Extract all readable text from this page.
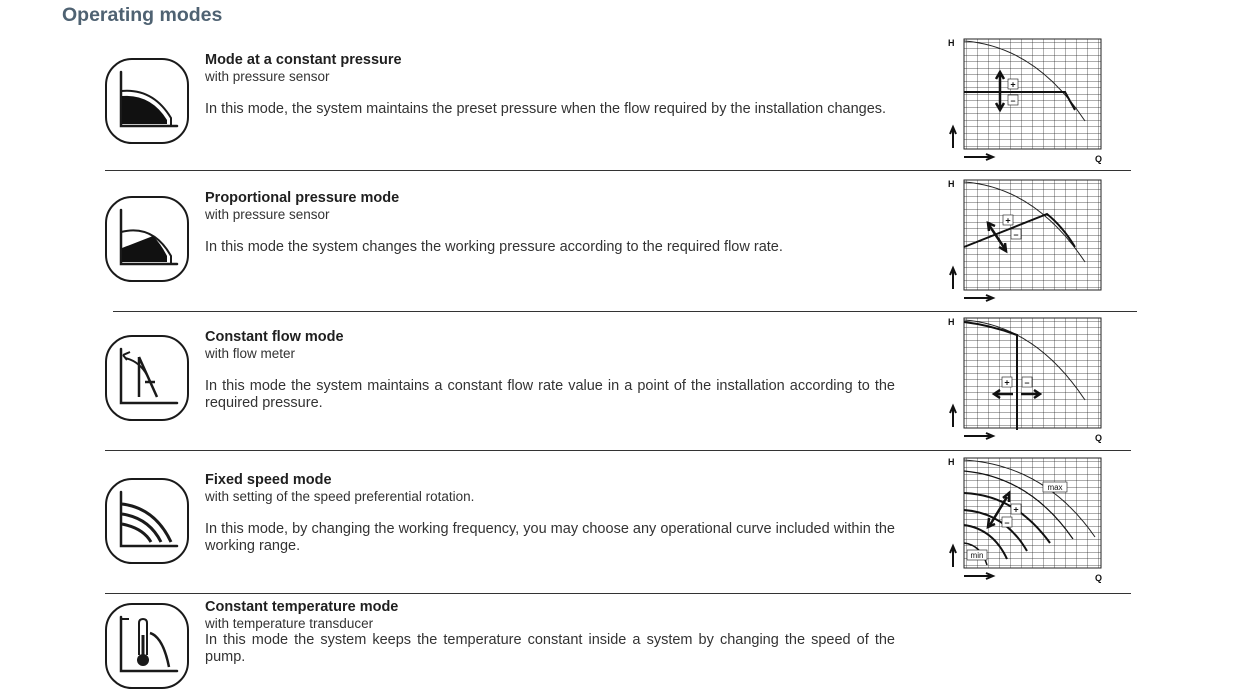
Operating modes
Mode at a constant pressure
with pressure sensor
In this mode, the system maintains the preset pressure when the flow required by the installation changes.
+
–
H
Q
Proportional pressure mode
with pressure sensor
In this mode the system changes the working pressure according to the required flow rate.
+
–
H
Constant flow mode
with flow meter
In this mode the system maintains a constant flow rate value in a point of the installation according to the required pressure.
+ –
H
Q
Fixed speed mode
with setting of the speed preferential rotation.
In this mode, by changing the working frequency, you may choose any operational curve included within the working range.
+
–
max
min
H
Q
Constant temperature mode
with temperature transducer
In this mode the system keeps the temperature constant inside a system by changing the speed of the pump.
